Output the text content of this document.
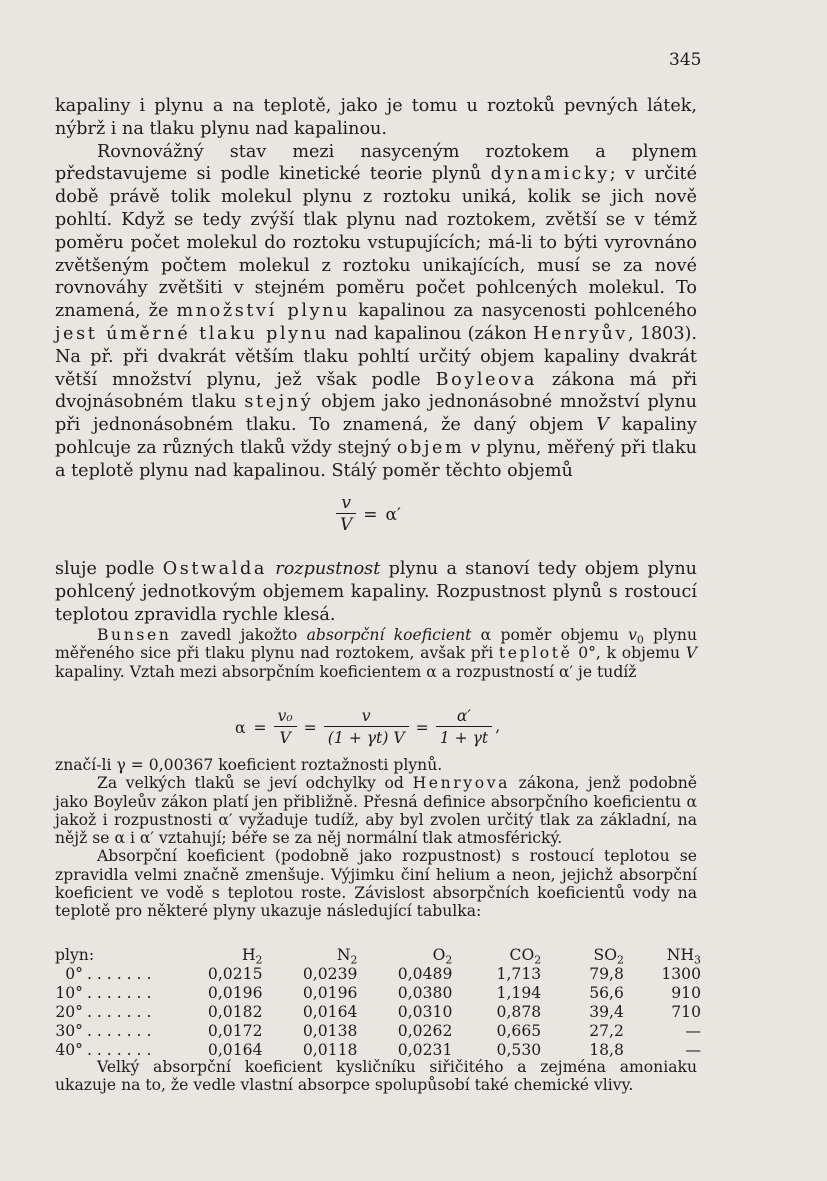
345

kapaliny i plynu a na teplotě, jako je tomu u roztoků pevných látek, nýbrž i na tlaku plynu nad kapalinou.

Rovnovážný stav mezi nasyceným roztokem a plynem představujeme si podle kinetické teorie plynů dynamicky; v určité době právě tolik molekul plynu z roztoku uniká, kolik se jich nově pohltí. Když se tedy zvýší tlak plynu nad roztokem, zvětší se v témž poměru počet molekul do roztoku vstupujících; má-li to býti vyrovnáno zvětšeným počtem molekul z roztoku unikajících, musí se za nové rovnováhy zvětšiti v stejném poměru počet pohlcených molekul. To znamená, že množství plynu kapalinou za nasycenosti pohlceného jest úměrné tlaku plynu nad kapalinou (zákon Henryův, 1803). Na př. při dvakrát větším tlaku pohltí určitý objem kapaliny dvakrát větší množství plynu, jež však podle Boyleova zákona má při dvojnásobném tlaku stejný objem jako jednonásobné množství plynu při jednonásobném tlaku. To znamená, že daný objem V kapaliny pohlcuje za různých tlaků vždy stejný objem v plynu, měřený při tlaku a teplotě plynu nad kapalinou. Stálý poměr těchto objemů

$\frac{v}{V} = \alpha'$

sluje podle Ostwalda rozpustnost plynu a stanoví tedy objem plynu pohlcený jednotkovým objemem kapaliny. Rozpustnost plynů s rostoucí teplotou zpravidla rychle klesá.

Bunsen zavedl jakožto absorpční koeficient α poměr objemu $v_0$ plynu měřeného sice při tlaku plynu nad roztokem, avšak při teplotě 0°, k objemu V kapaliny. Vztah mezi absorpčním koeficientem α a rozpustností α′ je tudíž

$\alpha = \frac{\text{v₀}}{V} = \frac{v}{(1 + \gamma t) V} = \frac{\alpha'}{1 + \gamma t}$ ,

značí-li γ = 0,00367 koeficient roztažnosti plynů.

Za velkých tlaků se jeví odchylky od Henryova zákona, jenž podobně jako Boyleův zákon platí jen přibližně. Přesná definice absorpčního koeficientu α jakož i rozpustnosti α′ vyžaduje tudíž, aby byl zvolen určitý tlak za základní, na nějž se α i α′ vztahují; béře se za něj normální tlak atmosférický.

Absorpční koeficient (podobně jako rozpustnost) s rostoucí teplotou se zpravidla velmi značně zmenšuje. Výjimku činí helium a neon, jejichž absorpční koeficient ve vodě s teplotou roste. Závislost absorpčních koeficientů vody na teplotě pro některé plyny ukazuje následující tabulka:

plyn:		$H_2$	$N_2$	$O_2$	$CO_2$	$SO_2$	$NH_3$
0°	. . . . . . .	0,0215	0,0239	0,0489	1,713	79,8	1300
10°	. . . . . . .	0,0196	0,0196	0,0380	1,194	56,6	910
20°	. . . . . . .	0,0182	0,0164	0,0310	0,878	39,4	710
30°	. . . . . . .	0,0172	0,0138	0,0262	0,665	27,2	—
40°	. . . . . . .	0,0164	0,0118	0,0231	0,530	18,8	—

Velký absorpční koeficient kysličníku siřičitého a zejména amoniaku ukazuje na to, že vedle vlastní absorpce spolupůsobí také chemické vlivy.
